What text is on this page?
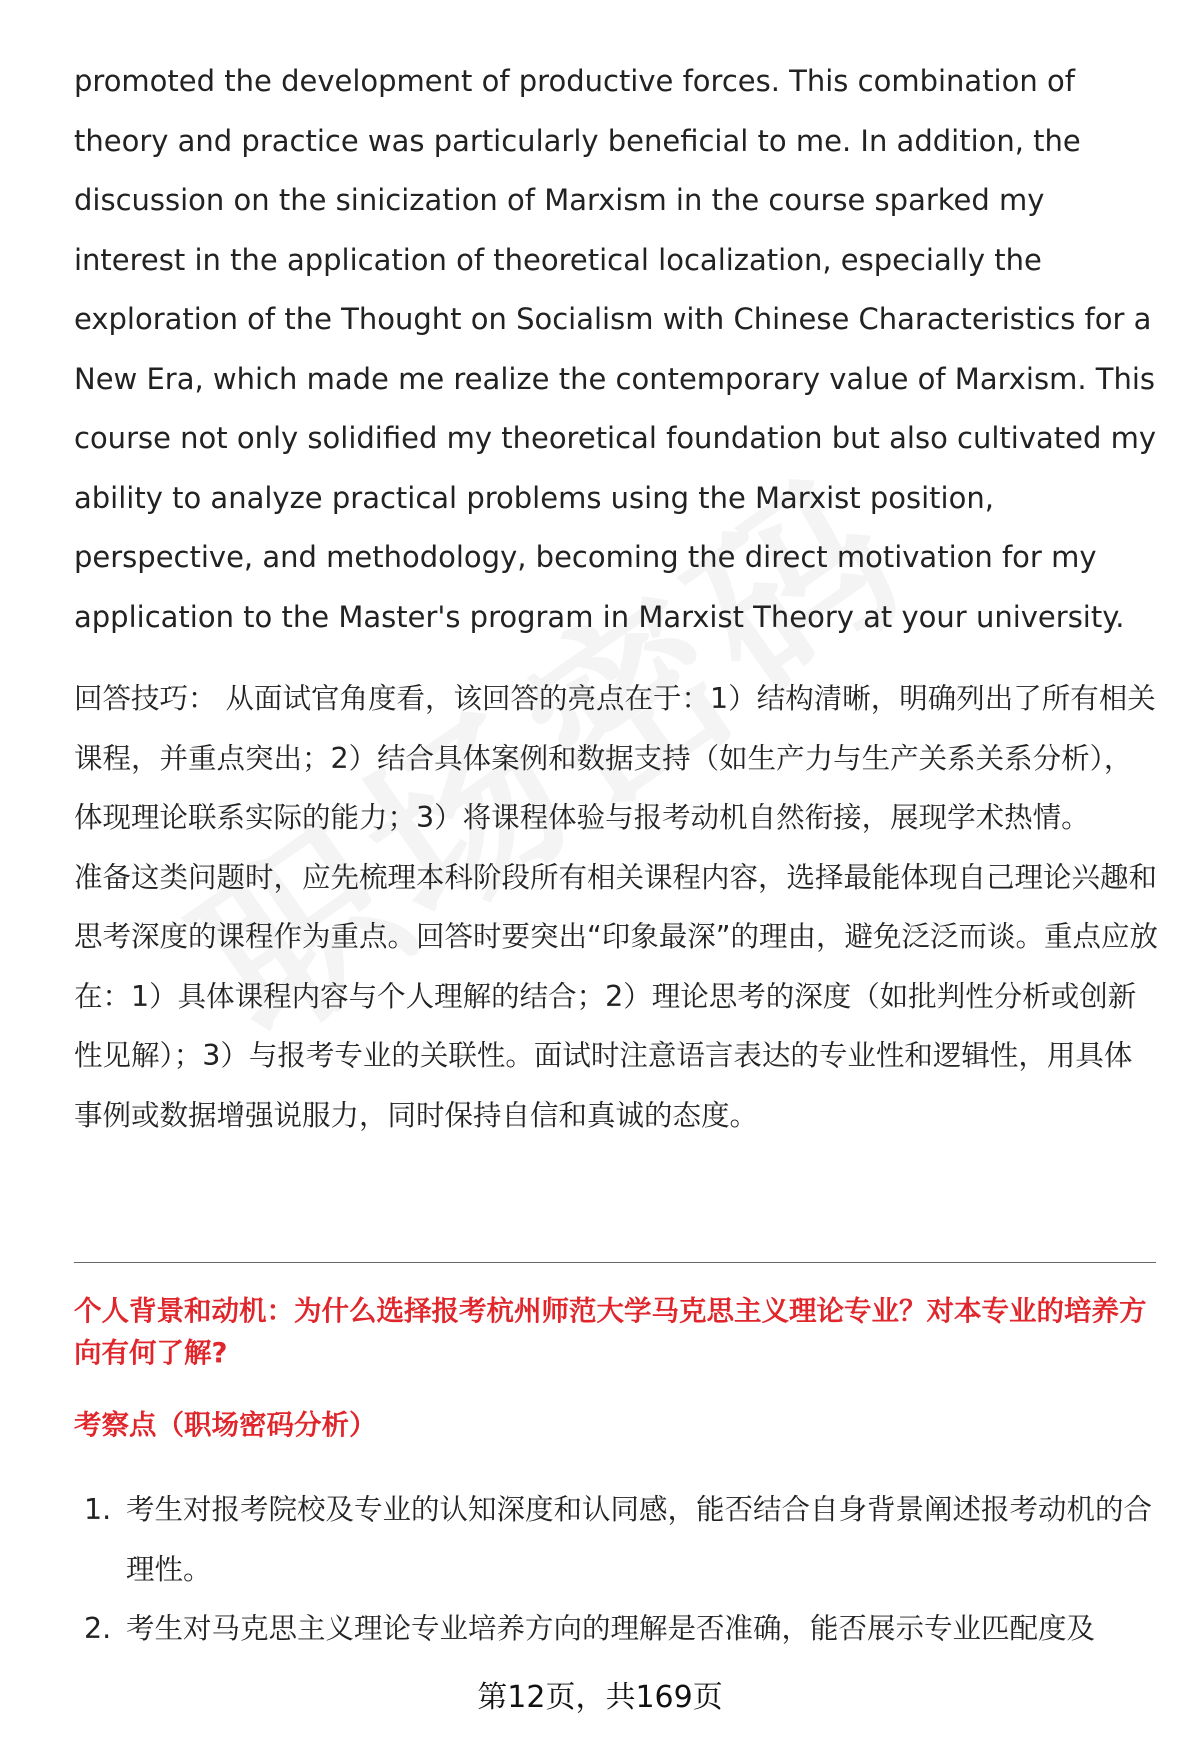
promoted the development of productive forces. This combination of theory and practice was particularly beneficial to me. In addition, the discussion on the sinicization of Marxism in the course sparked my interest in the application of theoretical localization, especially the exploration of the Thought on Socialism with Chinese Characteristics for a New Era, which made me realize the contemporary value of Marxism. This course not only solidified my theoretical foundation but also cultivated my ability to analyze practical problems using the Marxist position, perspective, and methodology, becoming the direct motivation for my application to the Master's program in Marxist Theory at your university.

回答技巧： 从面试官角度看，该回答的亮点在于：1）结构清晰，明确列出了所有相关课程，并重点突出；2）结合具体案例和数据支持（如生产力与生产关系关系分析），体现理论联系实际的能力；3）将课程体验与报考动机自然衔接，展现学术热情。

准备这类问题时，应先梳理本科阶段所有相关课程内容，选择最能体现自己理论兴趣和思考深度的课程作为重点。回答时要突出“印象最深”的理由，避免泛泛而谈。重点应放在：1）具体课程内容与个人理解的结合；2）理论思考的深度（如批判性分析或创新性见解）；3）与报考专业的关联性。面试时注意语言表达的专业性和逻辑性，用具体事例或数据增强说服力，同时保持自信和真诚的态度。

个人背景和动机：为什么选择报考杭州师范大学马克思主义理论专业？对本专业的培养方向有何了解?

考察点（职场密码分析）

1. 考生对报考院校及专业的认知深度和认同感，能否结合自身背景阐述报考动机的合理性。
2. 考生对马克思主义理论专业培养方向的理解是否准确，能否展示专业匹配度及
第12页，共169页
